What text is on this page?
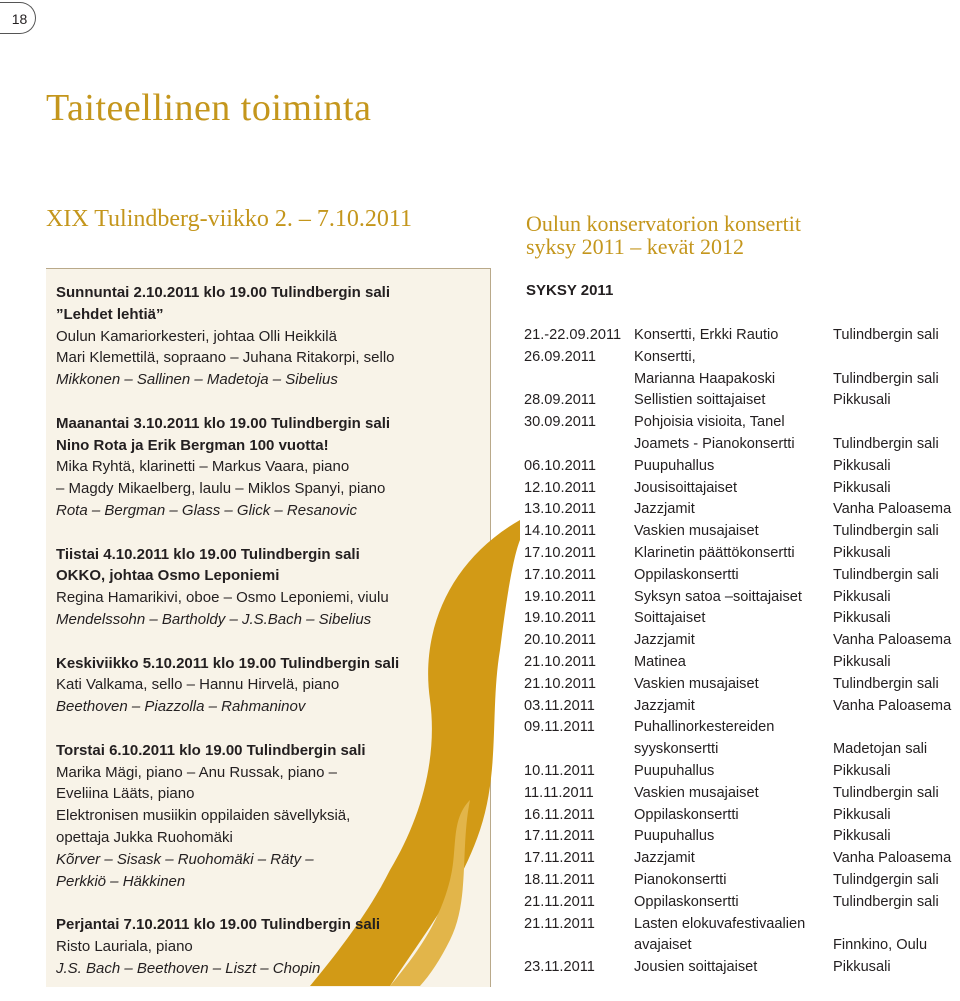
18
Taiteellinen toiminta
XIX Tulindberg-viikko 2. – 7.10.2011	Oulun konservatorion konsertit
syksy 2011 – kevät 2012
Sunnuntai 2.10.2011 klo 19.00 Tulindbergin sali
”Lehdet lehtiä”
Oulun Kamariorkesteri, johtaa Olli Heikkilä
Mari Klemettilä, sopraano – Juhana Ritakorpi, sello
Mikkonen – Sallinen – Madetoja – Sibelius
Maanantai 3.10.2011 klo 19.00 Tulindbergin sali
Nino Rota ja Erik Bergman 100 vuotta!
Mika Ryhtä, klarinetti – Markus Vaara, piano
– Magdy Mikaelberg, laulu – Miklos Spanyi, piano
Rota – Bergman – Glass – Glick – Resanovic
Tiistai 4.10.2011 klo 19.00 Tulindbergin sali
OKKO, johtaa Osmo Leponiemi
Regina Hamarikivi, oboe – Osmo Leponiemi, viulu
Mendelssohn – Bartholdy – J.S.Bach – Sibelius
Keskiviikko 5.10.2011 klo 19.00 Tulindbergin sali
Kati Valkama, sello – Hannu Hirvelä, piano
Beethoven – Piazzolla – Rahmaninov
Torstai 6.10.2011 klo 19.00 Tulindbergin sali
Marika Mägi, piano – Anu Russak, piano –
Eveliina Lääts, piano
Elektronisen musiikin oppilaiden sävellyksiä,
opettaja Jukka Ruohomäki
Kõrver – Sisask – Ruohomäki – Räty –
Perkkiö – Häkkinen
Perjantai 7.10.2011 klo 19.00 Tulindbergin sali
Risto Lauriala, piano
J.S. Bach – Beethoven – Liszt – Chopin
SYKSY 2011
21.-22.09.2011	Konsertti, Erkki Rautio	Tulindbergin sali
26.09.2011	Konsertti,	
	Marianna Haapakoski	Tulindbergin sali
28.09.2011	Sellistien soittajaiset	Pikkusali
30.09.2011	Pohjoisia visioita, Tanel	
	Joamets - Pianokonsertti	Tulindbergin sali
06.10.2011	Puupuhallus	Pikkusali
12.10.2011	Jousisoittajaiset	Pikkusali
13.10.2011	Jazzjamit	Vanha Paloasema
14.10.2011	Vaskien musajaiset	Tulindbergin sali
17.10.2011	Klarinetin päättökonsertti	Pikkusali
17.10.2011	Oppilaskonsertti	Tulindbergin sali
19.10.2011	Syksyn satoa –soittajaiset	Pikkusali
19.10.2011	Soittajaiset	Pikkusali
20.10.2011	Jazzjamit	Vanha Paloasema
21.10.2011	Matinea	Pikkusali
21.10.2011	Vaskien musajaiset	Tulindbergin sali
03.11.2011	Jazzjamit	Vanha Paloasema
09.11.2011	Puhallinorkestereiden	
	syyskonsertti	Madetojan sali
10.11.2011	Puupuhallus	Pikkusali
11.11.2011	Vaskien musajaiset	Tulindbergin sali
16.11.2011	Oppilaskonsertti	Pikkusali
17.11.2011	Puupuhallus	Pikkusali
17.11.2011	Jazzjamit	Vanha Paloasema
18.11.2011	Pianokonsertti	Tulindgergin sali
21.11.2011	Oppilaskonsertti	Tulindbergin sali
21.11.2011	Lasten elokuvafestivaalien	
	avajaiset	Finnkino, Oulu
23.11.2011	Jousien soittajaiset	Pikkusali
